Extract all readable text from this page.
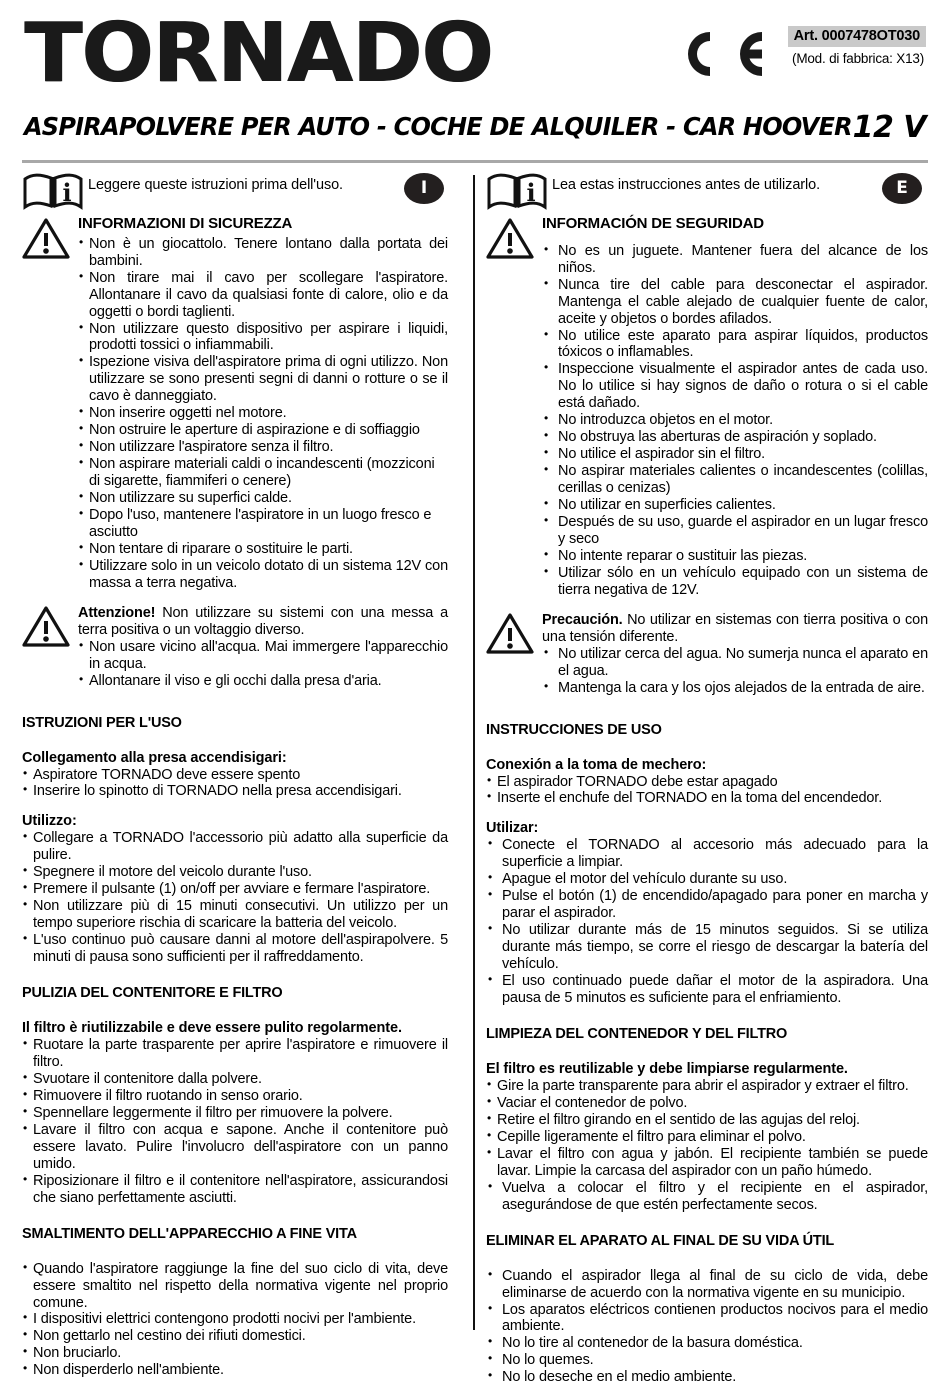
TORNADO	Art. 0007478OT030
(Mod. di fabbrica: X13)
ASPIRAPOLVERE PER AUTO - COCHE DE ALQUILER - CAR HOOVER 12 V
i Leggere queste istruzioni prima dell'uso.	I
INFORMAZIONI DI SICUREZZA
• Non è un giocattolo. Tenere lontano dalla portata dei bambini.
• Non tirare mai il cavo per scollegare l'aspiratore. Allontanare il cavo da qualsiasi fonte di calore, olio e da oggetti o bordi taglienti.
• Non utilizzare questo dispositivo per aspirare i liquidi, prodotti tossici o infiammabili.
• Ispezione visiva dell'aspiratore prima di ogni utilizzo. Non utilizzare se sono presenti segni di danni o rotture o se il cavo è danneggiato.
• Non inserire oggetti nel motore.
• Non ostruire le aperture di aspirazione e di soffiaggio
• Non utilizzare l'aspiratore senza il filtro.
• Non aspirare materiali caldi o incandescenti (mozziconi di sigarette, fiammiferi o cenere)
• Non utilizzare su superfici calde.
• Dopo l'uso, mantenere l'aspiratore in un luogo fresco e asciutto
• Non tentare di riparare o sostituire le parti.
• Utilizzare solo in un veicolo dotato di un sistema 12V con massa a terra negativa.

Attenzione! Non utilizzare su sistemi con una messa a terra positiva o un voltaggio diverso.

• Non usare vicino all'acqua. Mai immergere l'apparecchio in acqua.
• Allontanare il viso e gli occhi dalla presa d'aria.
ISTRUZIONI PER L'USO
Collegamento alla presa accendisigari:
• Aspiratore TORNADO deve essere spento
• Inserire lo spinotto di TORNADO nella presa accendisigari.
Utilizzo:
• Collegare a TORNADO l'accessorio più adatto alla superficie da pulire.
• Spegnere il motore del veicolo durante l'uso.
• Premere il pulsante (1) on/off per avviare e fermare l'aspiratore.
• Non utilizzare più di 15 minuti consecutivi. Un utilizzo per un tempo superiore rischia di scaricare la batteria del veicolo.
• L'uso continuo può causare danni al motore dell'aspirapolvere. 5 minuti di pausa sono sufficienti per il raffreddamento.
PULIZIA DEL CONTENITORE E FILTRO
Il filtro è riutilizzabile e deve essere pulito regolarmente.
• Ruotare la parte trasparente per aprire l'aspiratore e rimuovere il filtro.
• Svuotare il contenitore dalla polvere.
• Rimuovere il filtro ruotando in senso orario.
• Spennellare leggermente il filtro per rimuovere la polvere.
• Lavare il filtro con acqua e sapone. Anche il contenitore può essere lavato. Pulire l'involucro dell'aspiratore con un panno umido.
• Riposizionare il filtro e il contenitore nell'aspiratore, assicurandosi che siano perfettamente asciutti.
SMALTIMENTO DELL'APPARECCHIO A FINE VITA
• Quando l'aspiratore raggiunge la fine del suo ciclo di vita, deve essere smaltito nel rispetto della normativa vigente nel proprio comune.
• I dispositivi elettrici contengono prodotti nocivi per l'ambiente.
• Non gettarlo nel cestino dei rifiuti domestici.
• Non bruciarlo.
• Non disperderlo nell'ambiente.
i Lea estas instrucciones antes de utilizarlo.	E
INFORMACIÓN DE SEGURIDAD
• No es un juguete. Mantener fuera del alcance de los niños.
• Nunca tire del cable para desconectar el aspirador. Mantenga el cable alejado de cualquier fuente de calor, aceite y objetos o bordes afilados.
• No utilice este aparato para aspirar líquidos, productos tóxicos o inflamables.
• Inspeccione visualmente el aspirador antes de cada uso. No lo utilice si hay signos de daño o rotura o si el cable está dañado.
• No introduzca objetos en el motor.
• No obstruya las aberturas de aspiración y soplado.
• No utilice el aspirador sin el filtro.
• No aspirar materiales calientes o incandescentes (colillas, cerillas o cenizas)
• No utilizar en superficies calientes.
• Después de su uso, guarde el aspirador en un lugar fresco y seco
• No intente reparar o sustituir las piezas.
• Utilizar sólo en un vehículo equipado con un sistema de tierra negativa de 12V.

Precaución. No utilizar en sistemas con tierra positiva o con una tensión diferente.

• No utilizar cerca del agua. No sumerja nunca el aparato en el agua.
• Mantenga la cara y los ojos alejados de la entrada de aire.
INSTRUCCIONES DE USO
Conexión a la toma de mechero:
• El aspirador TORNADO debe estar apagado
• Inserte el enchufe del TORNADO en la toma del encendedor.
Utilizar:
• Conecte el TORNADO al accesorio más adecuado para la superficie a limpiar.
• Apague el motor del vehículo durante su uso.
• Pulse el botón (1) de encendido/apagado para poner en marcha y parar el aspirador.
• No utilizar durante más de 15 minutos seguidos. Si se utiliza durante más tiempo, se corre el riesgo de descargar la batería del vehículo.
• El uso continuado puede dañar el motor de la aspiradora. Una pausa de 5 minutos es suficiente para el enfriamiento.
LIMPIEZA DEL CONTENEDOR Y DEL FILTRO
El filtro es reutilizable y debe limpiarse regularmente.
• Gire la parte transparente para abrir el aspirador y extraer el filtro.
• Vaciar el contenedor de polvo.
• Retire el filtro girando en el sentido de las agujas del reloj.
• Cepille ligeramente el filtro para eliminar el polvo.
• Lavar el filtro con agua y jabón. El recipiente también se puede lavar. Limpie la carcasa del aspirador con un paño húmedo.
• Vuelva a colocar el filtro y el recipiente en el aspirador, asegurándose de que estén perfectamente secos.
ELIMINAR EL APARATO AL FINAL DE SU VIDA ÚTIL
• Cuando el aspirador llega al final de su ciclo de vida, debe eliminarse de acuerdo con la normativa vigente en su municipio.
• Los aparatos eléctricos contienen productos nocivos para el medio ambiente.
• No lo tire al contenedor de la basura doméstica.
• No lo quemes.
• No lo deseche en el medio ambiente.
